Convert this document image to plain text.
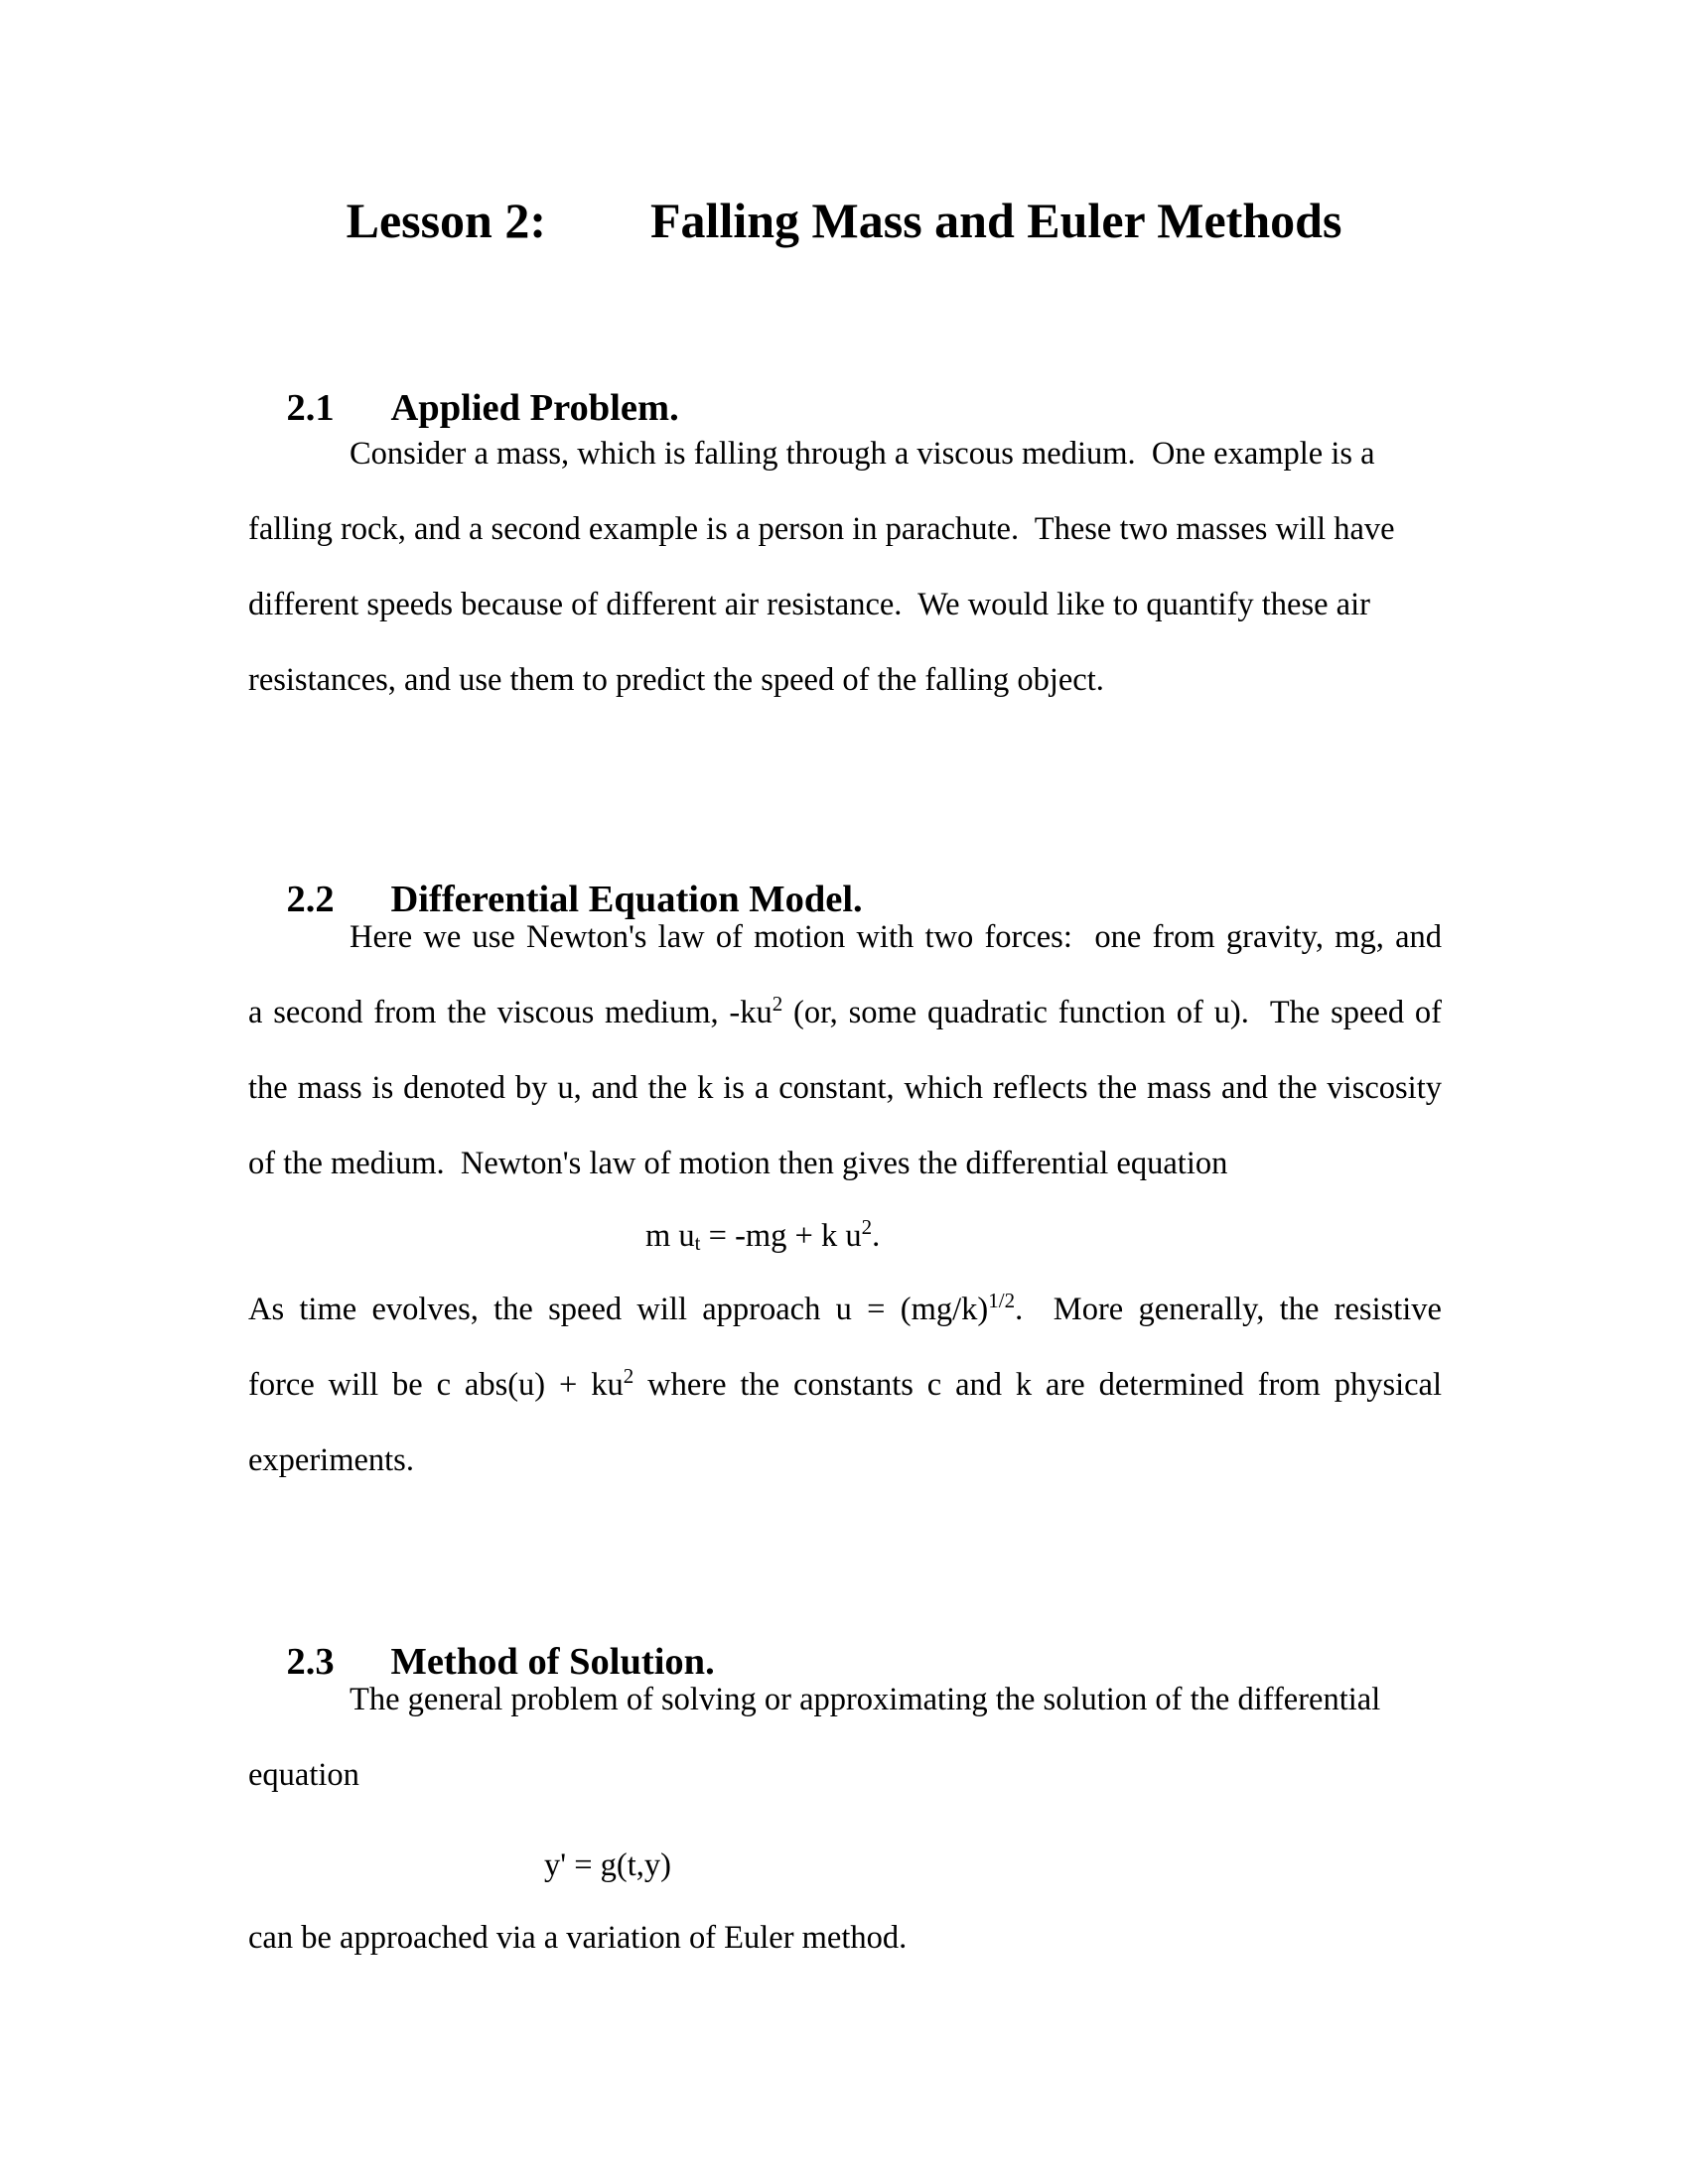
Lesson 2: Falling Mass and Euler Methods

2.1 Applied Problem.

Consider a mass, which is falling through a viscous medium.  One example is a
falling rock, and a second example is a person in parachute.  These two masses will have
different speeds because of different air resistance.  We would like to quantify these air
resistances, and use them to predict the speed of the falling object.

2.2 Differential Equation Model.

Here we use Newton's law of motion with two forces:  one from gravity, mg, and
a second from the viscous medium, $-ku^2$ (or, some quadratic function of u).  The speed of
the mass is denoted by u, and the k is a constant, which reflects the mass and the viscosity
of the medium.  Newton's law of motion then gives the differential equation
m $u_t = -mg + k$ $u^2$.
As time evolves, the speed will approach $u = (mg/k)^{1/2}$.  More generally, the resistive
force will be c $abs(u) + ku^2$ where the constants c and k are determined from physical
experiments.

2.3 Method of Solution.

The general problem of solving or approximating the solution of the differential
equation
y' = g(t,y)
can be approached via a variation of Euler method.
